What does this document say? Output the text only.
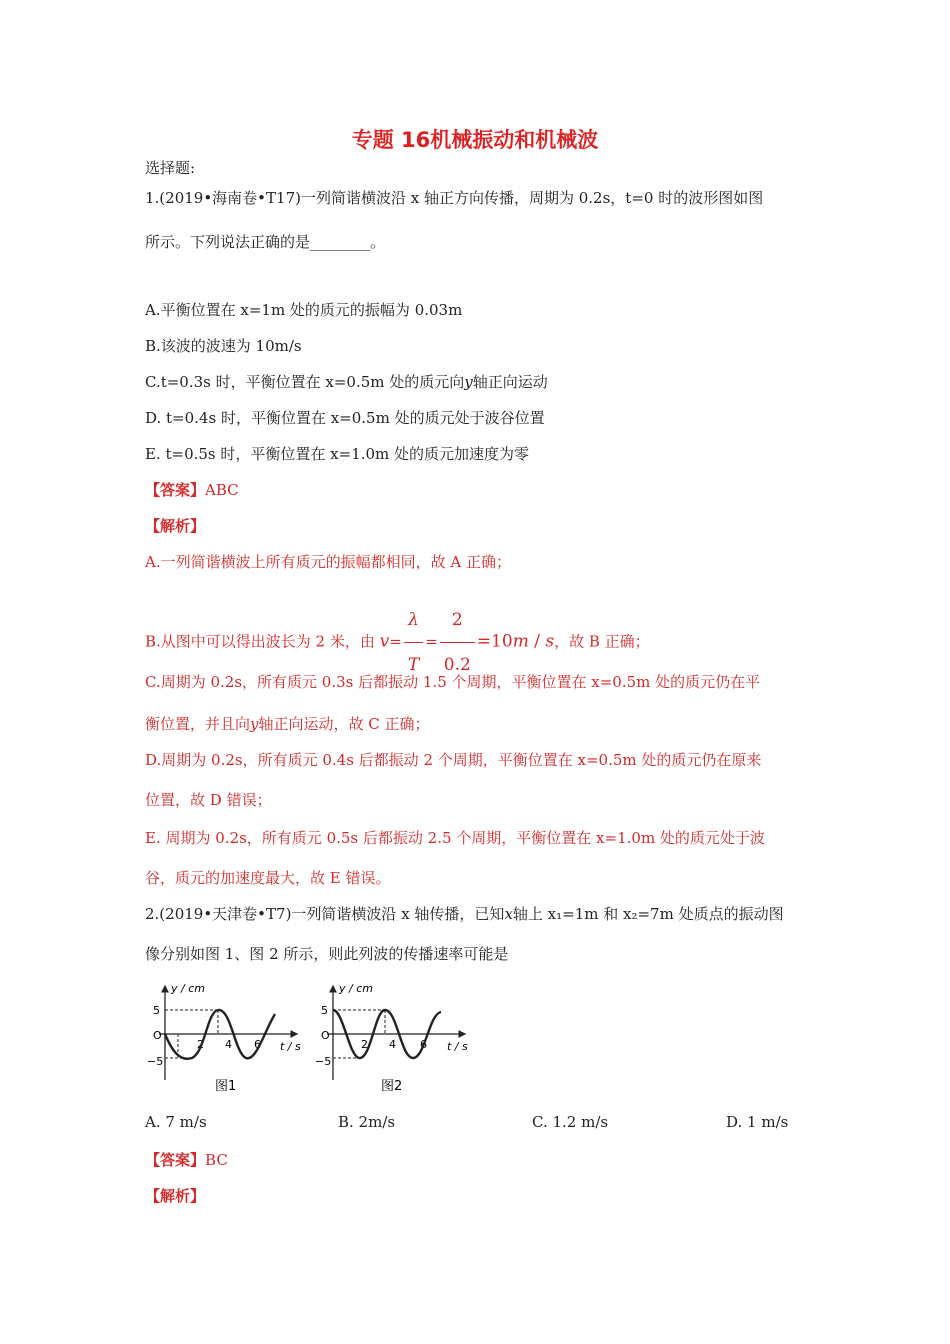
专题 16机械振动和机械波
选择题:
1.(2019•海南卷•T17)一列简谐横波沿 x 轴正方向传播，周期为 0.2s，t=0 时的波形图如图
所示。下列说法正确的是________。
A.平衡位置在 x=1m 处的质元的振幅为 0.03m
B.该波的波速为 10m/s
C.t=0.3s 时，平衡位置在 x=0.5m 处的质元向y轴正向运动
D. t=0.4s 时，平衡位置在 x=0.5m 处的质元处于波谷位置
E. t=0.5s 时，平衡位置在 x=1.0m 处的质元加速度为零
【答案】ABC
【解析】
A.一列简谐横波上所有质元的振幅都相同，故 A 正确；
B.从图中可以得出波长为 2 米，由 $v= \frac{\lambda}{T} = \frac{2}{0.2} =10m / s$，故 B 正确；
C.周期为 0.2s，所有质元 0.3s 后都振动 1.5 个周期，平衡位置在 x=0.5m 处的质元仍在平
衡位置，并且向y轴正向运动，故 C 正确；
D.周期为 0.2s，所有质元 0.4s 后都振动 2 个周期，平衡位置在 x=0.5m 处的质元仍在原来
位置，故 D 错误；
E. 周期为 0.2s，所有质元 0.5s 后都振动 2.5 个周期，平衡位置在 x=1.0m 处的质元处于波
谷，质元的加速度最大，故 E 错误。
2.(2019•天津卷•T7)一列简谐横波沿 x 轴传播，已知x轴上 x₁=1m 和 x₂=7m 处质点的振动图
像分别如图 1、图 2 所示，则此列波的传播速率可能是
y / cm
t / s
5
O
−5
2 4 6
图1
y / cm
t / s
5
O
−5
2 4 6
图2
A. 7 m/s	B. 2m/s	C. 1.2 m/s	D. 1 m/s
【答案】BC
【解析】
